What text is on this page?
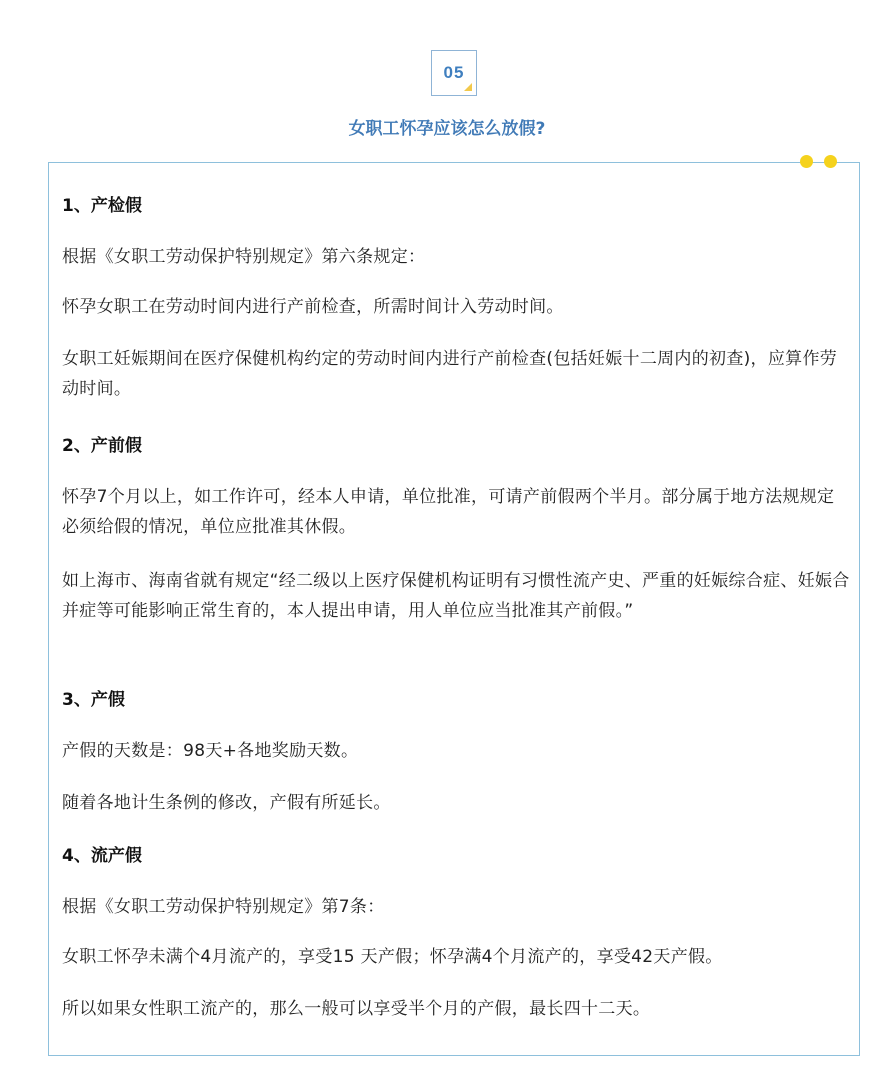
05
女职工怀孕应该怎么放假?
1、产检假
根据《女职工劳动保护特别规定》第六条规定：
怀孕女职工在劳动时间内进行产前检查，所需时间计入劳动时间。
女职工妊娠期间在医疗保健机构约定的劳动时间内进行产前检查(包括妊娠十二周内的初查)，应算作劳动时间。
2、产前假
怀孕7个月以上，如工作许可，经本人申请，单位批准，可请产前假两个半月。部分属于地方法规规定必须给假的情况，单位应批准其休假。
如上海市、海南省就有规定“经二级以上医疗保健机构证明有习惯性流产史、严重的妊娠综合症、妊娠合并症等可能影响正常生育的，本人提出申请，用人单位应当批准其产前假。”
3、产假
产假的天数是：98天+各地奖励天数。
随着各地计生条例的修改，产假有所延长。
4、流产假
根据《女职工劳动保护特别规定》第7条：
女职工怀孕未满个4月流产的，享受15 天产假；怀孕满4个月流产的，享受42天产假。
所以如果女性职工流产的，那么一般可以享受半个月的产假，最长四十二天。
